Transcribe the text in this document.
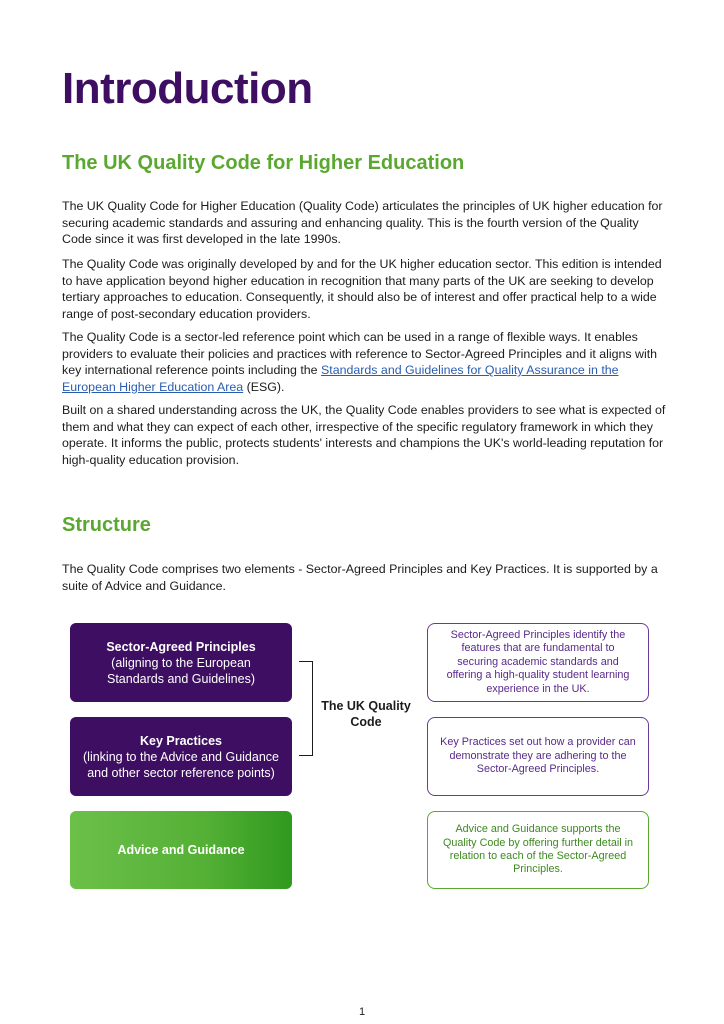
Introduction
The UK Quality Code for Higher Education

The UK Quality Code for Higher Education (Quality Code) articulates the principles of UK higher education for securing academic standards and assuring and enhancing quality. This is the fourth version of the Quality Code since it was first developed in the late 1990s.

The Quality Code was originally developed by and for the UK higher education sector. This edition is intended to have application beyond higher education in recognition that many parts of the UK are seeking to develop tertiary approaches to education. Consequently, it should also be of interest and offer practical help to a wide range of post-secondary education providers.

The Quality Code is a sector-led reference point which can be used in a range of flexible ways. It enables providers to evaluate their policies and practices with reference to Sector-Agreed Principles and it aligns with key international reference points including the Standards and Guidelines for Quality Assurance in the European Higher Education Area (ESG).

Built on a shared understanding across the UK, the Quality Code enables providers to see what is expected of them and what they can expect of each other, irrespective of the specific regulatory framework in which they operate. It informs the public, protects students' interests and champions the UK's world-leading reputation for high-quality education provision.

Structure

The Quality Code comprises two elements - Sector-Agreed Principles and Key Practices. It is supported by a suite of Advice and Guidance.

Sector-Agreed Principles
(aligning to the European Standards and Guidelines)
Key Practices
(linking to the Advice and Guidance and other sector reference points)
Advice and Guidance
The UK Quality Code
Sector-Agreed Principles identify the features that are fundamental to securing academic standards and offering a high-quality student learning experience in the UK.
Key Practices set out how a provider can demonstrate they are adhering to the Sector-Agreed Principles.
Advice and Guidance supports the Quality Code by offering further detail in relation to each of the Sector-Agreed Principles.
1
